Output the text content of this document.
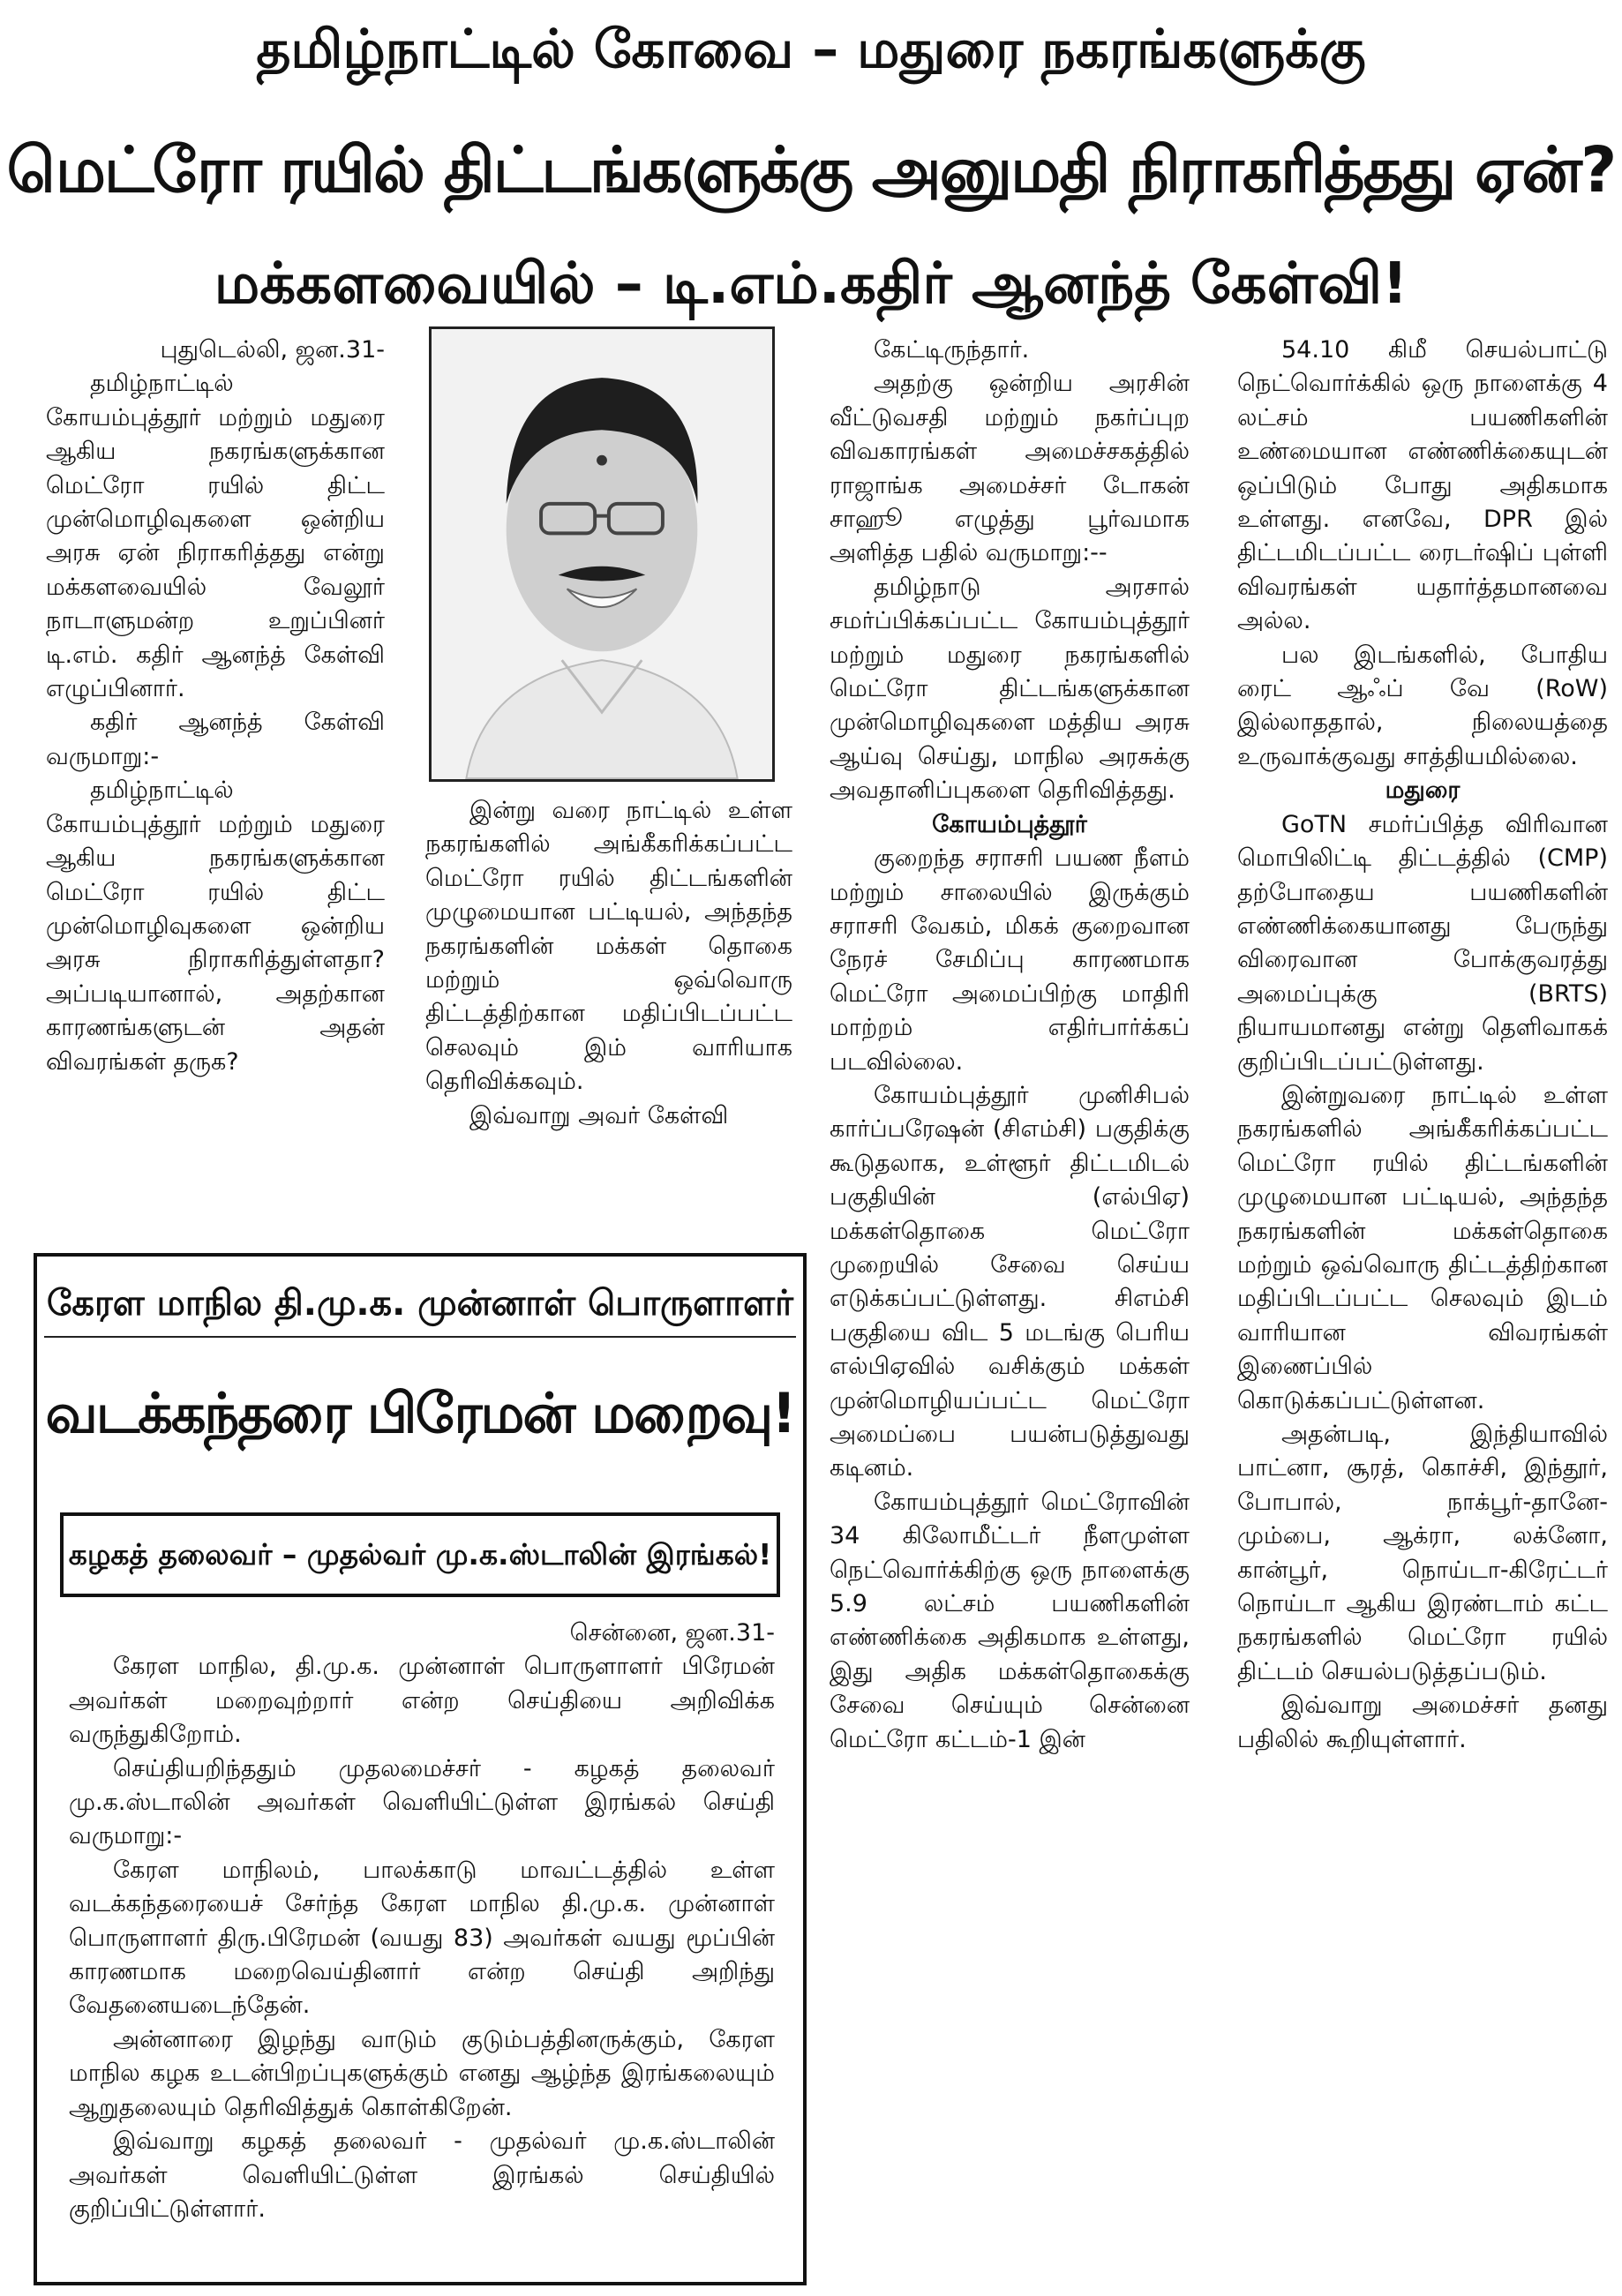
தமிழ்நாட்டில் கோவை – மதுரை நகரங்களுக்கு
மெட்ரோ ரயில் திட்டங்களுக்கு அனுமதி நிராகரித்தது ஏன்?
மக்களவையில் – டி.எம்.கதிர் ஆனந்த் கேள்வி!

புதுடெல்லி, ஜன.31-

தமிழ்நாட்டில் கோயம்புத்தூர் மற்றும் மதுரை ஆகிய நகரங்களுக்கான மெட்ரோ ரயில் திட்ட முன்மொழிவுகளை ஒன்றிய அரசு ஏன் நிராகரித்தது என்று மக்களவையில் வேலூர் நாடாளுமன்ற உறுப்பினர் டி.எம். கதிர் ஆனந்த் கேள்வி எழுப்பினார்.

கதிர் ஆனந்த் கேள்வி வருமாறு:-

தமிழ்நாட்டில் கோயம்புத்தூர் மற்றும் மதுரை ஆகிய நகரங்களுக்கான மெட்ரோ ரயில் திட்ட முன்மொழிவுகளை ஒன்றிய அரசு நிராகரித்துள்ளதா? அப்படியானால், அதற்கான காரணங்களுடன் அதன் விவரங்கள் தருக?

இன்று வரை நாட்டில் உள்ள நகரங்களில் அங்கீகரிக்கப்பட்ட மெட்ரோ ரயில் திட்டங்களின் முழுமையான பட்டியல், அந்தந்த நகரங்களின் மக்கள் தொகை மற்றும் ஒவ்வொரு திட்டத்திற்கான மதிப்பிடப்பட்ட செலவும் இம் வாரியாக தெரிவிக்கவும்.

இவ்வாறு அவர் கேள்வி

கேட்டிருந்தார்.

அதற்கு ஒன்றிய அரசின் வீட்டுவசதி மற்றும் நகர்ப்புற விவகாரங்கள் அமைச்சகத்தில் ராஜாங்க அமைச்சர் டோகன் சாஹூ எழுத்து பூர்வமாக அளித்த பதில் வருமாறு:--

தமிழ்நாடு அரசால் சமர்ப்பிக்கப்பட்ட கோயம்புத்தூர் மற்றும் மதுரை நகரங்களில் மெட்ரோ திட்டங்களுக்கான முன்மொழிவுகளை மத்திய அரசு ஆய்வு செய்து, மாநில அரசுக்கு அவதானிப்புகளை தெரிவித்தது.

கோயம்புத்தூர்

குறைந்த சராசரி பயண நீளம் மற்றும் சாலையில் இருக்கும் சராசரி வேகம், மிகக் குறைவான நேரச் சேமிப்பு காரணமாக மெட்ரோ அமைப்பிற்கு மாதிரி மாற்றம் எதிர்பார்க்கப் படவில்லை.

கோயம்புத்தூர் முனிசிபல் கார்ப்பரேஷன் (சிஎம்சி) பகுதிக்கு கூடுதலாக, உள்ளூர் திட்டமிடல் பகுதியின் (எல்பிஏ) மக்கள்தொகை மெட்ரோ முறையில் சேவை செய்ய எடுக்கப்பட்டுள்ளது. சிஎம்சி பகுதியை விட 5 மடங்கு பெரிய எல்பிஏவில் வசிக்கும் மக்கள் முன்மொழியப்பட்ட மெட்ரோ அமைப்பை பயன்படுத்துவது கடினம்.

கோயம்புத்தூர் மெட்ரோவின் 34 கிலோமீட்டர் நீளமுள்ள நெட்வொர்க்கிற்கு ஒரு நாளைக்கு 5.9 லட்சம் பயணிகளின் எண்ணிக்கை அதிகமாக உள்ளது, இது அதிக மக்கள்தொகைக்கு சேவை செய்யும் சென்னை மெட்ரோ கட்டம்-1 இன்

54.10 கிமீ செயல்பாட்டு நெட்வொர்க்கில் ஒரு நாளைக்கு 4 லட்சம் பயணிகளின் உண்மையான எண்ணிக்கையுடன் ஒப்பிடும் போது அதிகமாக உள்ளது. எனவே, DPR இல் திட்டமிடப்பட்ட ரைடர்ஷிப் புள்ளி விவரங்கள் யதார்த்தமானவை அல்ல.

பல இடங்களில், போதிய ரைட் ஆஃப் வே (RoW) இல்லாததால், நிலையத்தை உருவாக்குவது சாத்தியமில்லை.

மதுரை

GoTN சமர்ப்பித்த விரிவான மொபிலிட்டி திட்டத்தில் (CMP) தற்போதைய பயணிகளின் எண்ணிக்கையானது பேருந்து விரைவான போக்குவரத்து அமைப்புக்கு (BRTS) நியாயமானது என்று தெளிவாகக் குறிப்பிடப்பட்டுள்ளது.

இன்றுவரை நாட்டில் உள்ள நகரங்களில் அங்கீகரிக்கப்பட்ட மெட்ரோ ரயில் திட்டங்களின் முழுமையான பட்டியல், அந்தந்த நகரங்களின் மக்கள்தொகை மற்றும் ஒவ்வொரு திட்டத்திற்கான மதிப்பிடப்பட்ட செலவும் இடம் வாரியான விவரங்கள் இணைப்பில் கொடுக்கப்பட்டுள்ளன.

அதன்படி, இந்தியாவில் பாட்னா, சூரத், கொச்சி, இந்தூர், போபால், நாக்பூர்-தானே- மும்பை, ஆக்ரா, லக்னோ, கான்பூர், நொய்டா-கிரேட்டர் நொய்டா ஆகிய இரண்டாம் கட்ட நகரங்களில் மெட்ரோ ரயில் திட்டம் செயல்படுத்தப்படும்.

இவ்வாறு அமைச்சர் தனது பதிலில் கூறியுள்ளார்.

கேரள மாநில தி.மு.க. முன்னாள் பொருளாளர்
வடக்கந்தரை பிரேமன் மறைவு!
கழகத் தலைவர் – முதல்வர் மு.க.ஸ்டாலின் இரங்கல்!

சென்னை, ஜன.31-

கேரள மாநில, தி.மு.க. முன்னாள் பொருளாளர் பிரேமன் அவர்கள் மறைவுற்றார் என்ற செய்தியை அறிவிக்க வருந்துகிறோம்.

செய்தியறிந்ததும் முதலமைச்சர் - கழகத் தலைவர் மு.க.ஸ்டாலின் அவர்கள் வெளியிட்டுள்ள இரங்கல் செய்தி வருமாறு:-

கேரள மாநிலம், பாலக்காடு மாவட்டத்தில் உள்ள வடக்கந்தரையைச் சேர்ந்த கேரள மாநில தி.மு.க. முன்னாள் பொருளாளர் திரு.பிரேமன் (வயது 83) அவர்கள் வயது மூப்பின் காரணமாக மறைவெய்தினார் என்ற செய்தி அறிந்து வேதனையடைந்தேன்.

அன்னாரை இழந்து வாடும் குடும்பத்தினருக்கும், கேரள மாநில கழக உடன்பிறப்புகளுக்கும் எனது ஆழ்ந்த இரங்கலையும் ஆறுதலையும் தெரிவித்துக் கொள்கிறேன்.

இவ்வாறு கழகத் தலைவர் - முதல்வர் மு.க.ஸ்டாலின் அவர்கள் வெளியிட்டுள்ள இரங்கல் செய்தியில் குறிப்பிட்டுள்ளார்.
